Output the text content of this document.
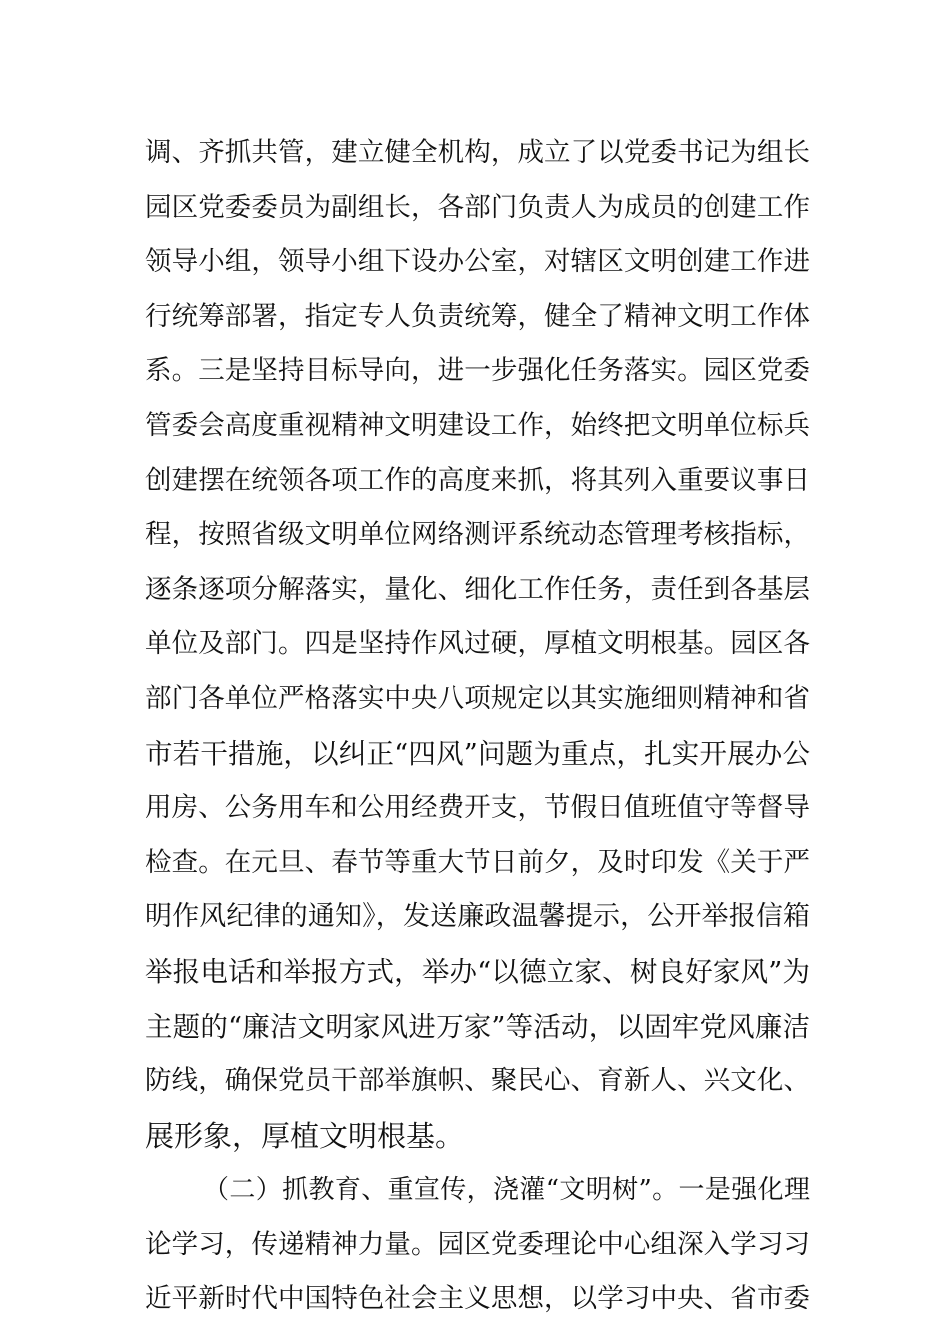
调、齐抓共管，建立健全机构，成立了以党委书记为组长
园区党委委员为副组长，各部门负责人为成员的创建工作
领导小组，领导小组下设办公室，对辖区文明创建工作进
行统筹部署，指定专人负责统筹，健全了精神文明工作体
系。三是坚持目标导向，进一步强化任务落实。园区党委
管委会高度重视精神文明建设工作，始终把文明单位标兵
创建摆在统领各项工作的高度来抓，将其列入重要议事日
程，按照省级文明单位网络测评系统动态管理考核指标，
逐条逐项分解落实，量化、细化工作任务，责任到各基层
单位及部门。四是坚持作风过硬，厚植文明根基。园区各
部门各单位严格落实中央八项规定以其实施细则精神和省
市若干措施，以纠正“四风”问题为重点，扎实开展办公
用房、公务用车和公用经费开支，节假日值班值守等督导
检查。在元旦、春节等重大节日前夕，及时印发《关于严
明作风纪律的通知》，发送廉政温馨提示，公开举报信箱
举报电话和举报方式，举办“以德立家、树良好家风”为
主题的“廉洁文明家风进万家”等活动，以固牢党风廉洁
防线，确保党员干部举旗帜、聚民心、育新人、兴文化、
展形象，厚植文明根基。
（二）抓教育、重宣传，浇灌“文明树”。一是强化理
论学习，传递精神力量。园区党委理论中心组深入学习习
近平新时代中国特色社会主义思想，以学习中央、省市委
